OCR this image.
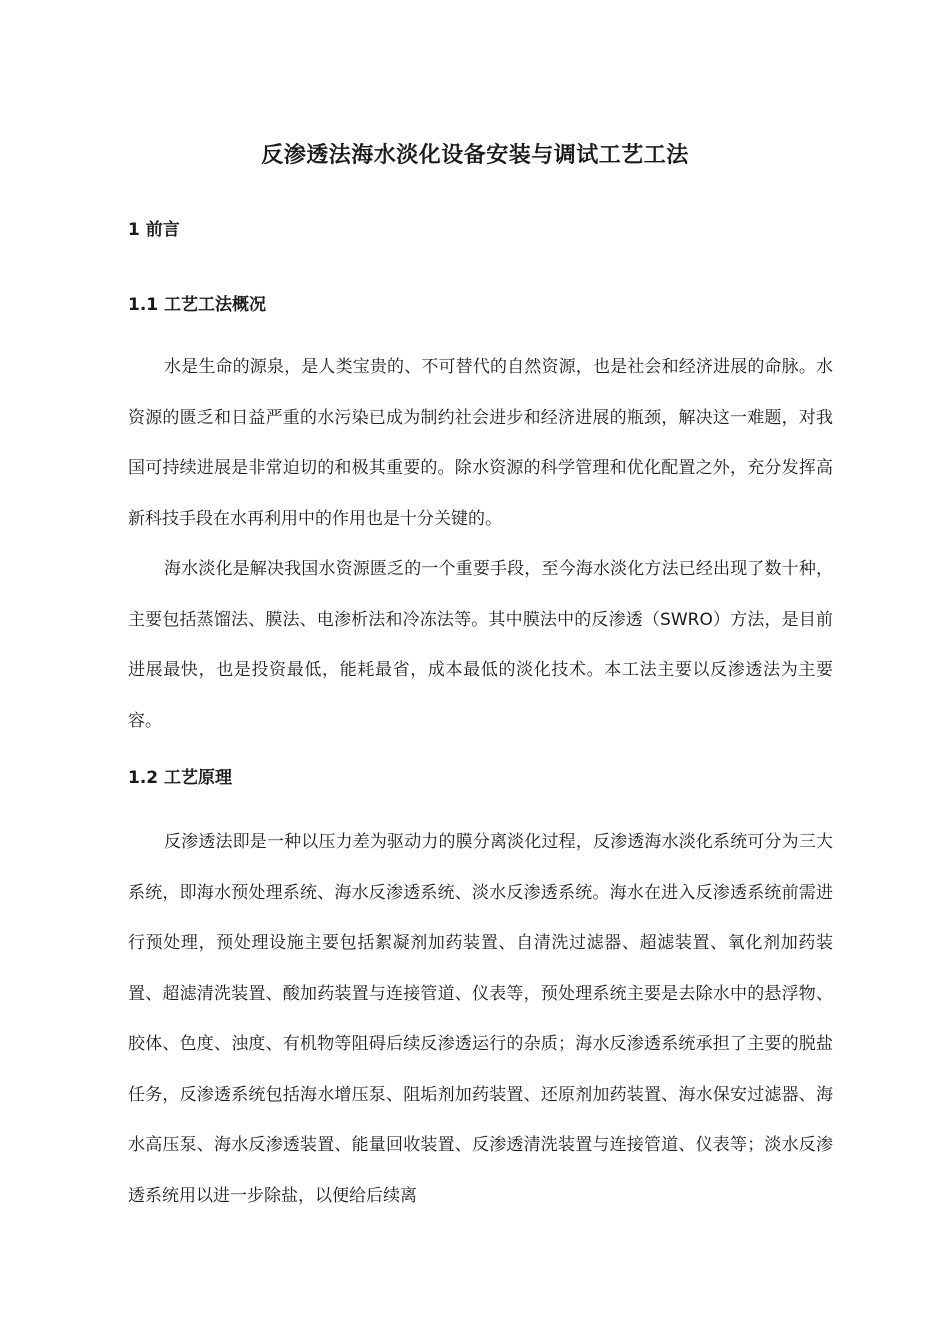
反渗透法海水淡化设备安装与调试工艺工法
1 前言
1.1 工艺工法概况

水是生命的源泉，是人类宝贵的、不可替代的自然资源，也是社会和经济进展的命脉。水资源的匮乏和日益严重的水污染已成为制约社会进步和经济进展的瓶颈，解决这一难题，对我国可持续进展是非常迫切的和极其重要的。除水资源的科学管理和优化配置之外，充分发挥高新科技手段在水再利用中的作用也是十分关键的。

海水淡化是解决我国水资源匮乏的一个重要手段，至今海水淡化方法已经出现了数十种，主要包括蒸馏法、膜法、电渗析法和冷冻法等。其中膜法中的反渗透（SWRO）方法，是目前进展最快，也是投资最低，能耗最省，成本最低的淡化技术。本工法主要以反渗透法为主要容。

1.2 工艺原理

反渗透法即是一种以压力差为驱动力的膜分离淡化过程，反渗透海水淡化系统可分为三大系统，即海水预处理系统、海水反渗透系统、淡水反渗透系统。海水在进入反渗透系统前需进行预处理，预处理设施主要包括絮凝剂加药装置、自清洗过滤器、超滤装置、氧化剂加药装置、超滤清洗装置、酸加药装置与连接管道、仪表等，预处理系统主要是去除水中的悬浮物、胶体、色度、浊度、有机物等阻碍后续反渗透运行的杂质；海水反渗透系统承担了主要的脱盐任务，反渗透系统包括海水增压泵、阻垢剂加药装置、还原剂加药装置、海水保安过滤器、海水高压泵、海水反渗透装置、能量回收装置、反渗透清洗装置与连接管道、仪表等；淡水反渗透系统用以进一步除盐，以便给后续离
